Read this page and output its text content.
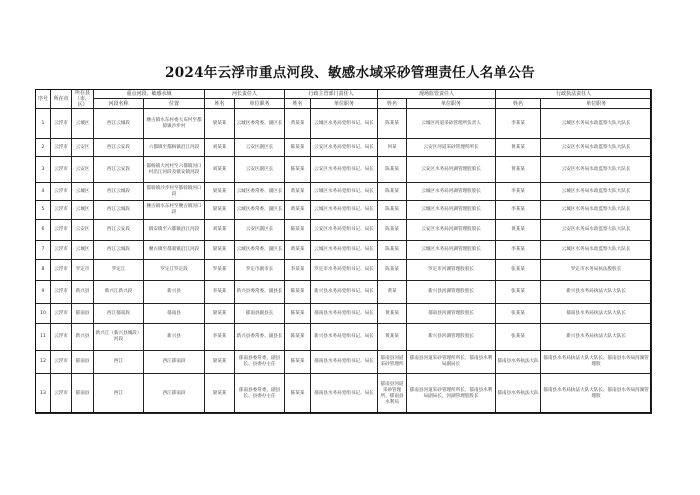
2024年云浮市重点河段、敏感水域采砂管理责任人名单公告
序号	所在市	所在县（市、区）	重点河段、敏感水域		河长责任人		行政主管部门责任人		现场监管责任人		行政执法责任人	
			河段名称	位置	姓名	单位职务	姓名	单位职务	姓名	单位职务	姓名	单位职务
1	云浮市	云城区	西江云城段	腰古镇水东村委大布村至都骑镇沙步村	梁某某	云城区委常委、副区长	黄某某	云城区水务局党组书记、局长	陈某某	云城区河道采砂管理所负责人	李某某	云城区水务局水政监察大队大队长
2	云浮市	云安区	西江云安段	六都镇至都杨镇沿江河段	刘某某	云安区副区长	陈某某	云安区水务局党组书记、局长	何某	云安区河道采砂管理所所长	黄某某	云安区水务局水政监察大队大队长
3	云浮市	云安区	西江云安段	都杨镇大河村至六都镇河口村沿江河段及镇安镇河段	刘某某	云安区副区长	陈某某	云安区水务局党组书记、局长	陈某某	云安区水务局河湖管理股股长	黄某某	云安区水务局水政监察大队大队长
4	云浮市	云城区	西江云城段	都骑镇沙步村至都骑镇河口段	梁某某	云城区委常委、副区长	黄某某	云城区水务局党组书记、局长	陈某某	云城区水务局河湖管理股股长	李某某	云城区水务局水政监察大队大队长
5	云浮市	云城区	西江云城段	腰古镇水东村至腰古镇河口段	梁某某	云城区委常委、副区长	黄某某	云城区水务局党组书记、局长	陈某某	云城区水务局河湖管理股股长	李某某	云城区水务局水政监察大队大队长
6	云浮市	云安区	西江云安段	镇安镇至六都镇沿江河段	刘某某	云安区副区长	陈某某	云安区水务局党组书记、局长	陈某某	云安区水务局河湖管理股股长	黄某某	云安区水务局水政监察大队大队长
7	云浮市	云城区	西江云城段	腰古镇至都骑镇沿江河段	梁某某	云城区委常委、副区长	黄某某	云城区水务局党组书记、局长	陈某某	云城区水务局河湖管理股股长	李某某	云城区水务局水政监察大队大队长
8	云浮市	罗定市	罗定江	罗定江罗定段	罗某某	罗定市副市长	李某某	罗定市水务局党组书记、局长	陈某某	罗定市河湖管理股股长	张某某	罗定市水务局执法股股长
9	云浮市	新兴县	新兴江新兴段	新兴县	李某某	新兴县委常委、副县长	陈某某	新兴县水务局党组书记、局长	黄某	新兴县河湖管理股股长	张某某	新兴县水务局执法大队大队长
10	云浮市	郁南县	西江郁南段	郁南县	梁某某	郁南县副县长	陈某某	郁南县水务局党组书记、局长	黄某某	郁南县河湖管理股股长	张某某	郁南县水务局执法大队大队长
11	云浮市	新兴县	新兴江（新兴县城段）河段	新兴县	李某某	新兴县委常委、副县长	陈某某	新兴县水务局党组书记、局长	黄某某	新兴县河湖管理股股长	张某某	新兴县水务局执法大队大队长
12	云浮市	郁南县	西江	西江郁南段	梁某某	郁南县委常委、副县长、县委办主任	陈某某	郁南县水务局党组书记、局长	郁南县河道采砂管理所	郁南县河道采砂管理所所长、郁南县水利局副局长	郁南县水务执法大队	郁南县水务局执法大队大队长、郁南县水务局河湖管理股
13	云浮市	郁南县	西江	西江郁南段	梁某某	郁南县委常委、副县长、县委办主任	陈某某	郁南县水务局党组书记、局长	郁南县河道采砂管理所、郁南县水利局	郁南县河道采砂管理所所长、郁南县水利局副局长、河湖管理股股长	郁南县水务执法大队	郁南县水务局执法大队大队长、郁南县水务局河湖管理股
